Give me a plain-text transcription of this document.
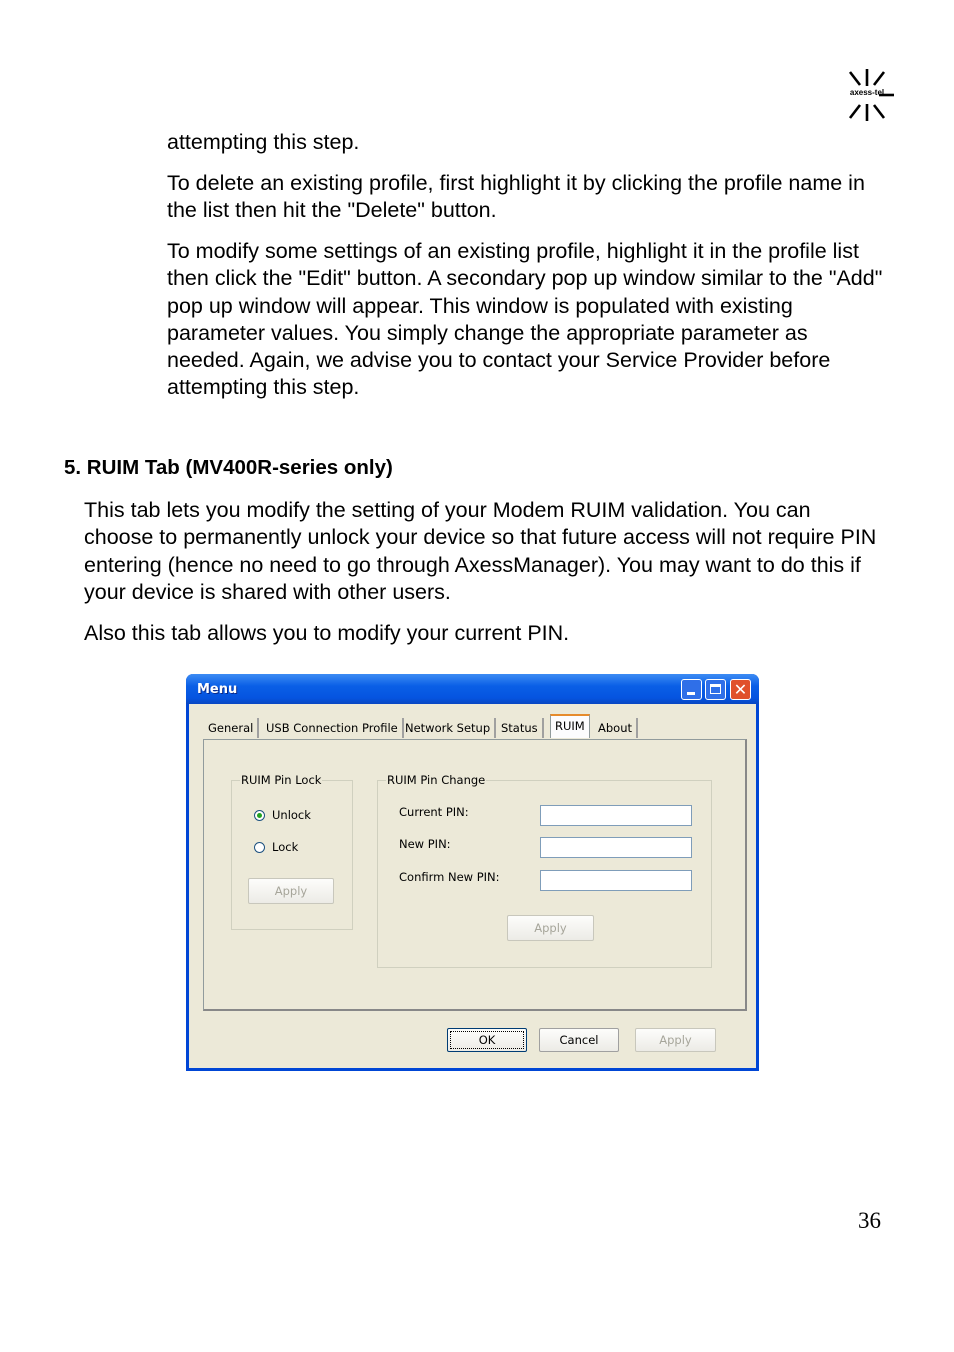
axess-tel

attempting this step.

To delete an existing profile, first highlight it by clicking the profile name in the list then hit the "Delete" button.

To modify some settings of an existing profile, highlight it in the profile list then click the "Edit" button. A secondary pop up window similar to the "Add" pop up window will appear. This window is populated with existing parameter values. You simply change the appropriate parameter as needed. Again, we advise you to contact your Service Provider before attempting this step.

5. RUIM Tab (MV400R-series only)

This tab lets you modify the setting of your Modem RUIM validation. You can choose to permanently unlock your device so that future access will not require PIN entering (hence no need to go through AxessManager). You may want to do this if your device is shared with other users.

Also this tab allows you to modify your current PIN.

Menu	✕
General	USB Connection Profile Network Setup Status	RUIM	About
RUIM Pin Lock
Unlock
Lock
Apply
RUIM Pin Change
Current PIN:
New PIN:
Confirm New PIN:
Apply
OK	Cancel	Apply
36
